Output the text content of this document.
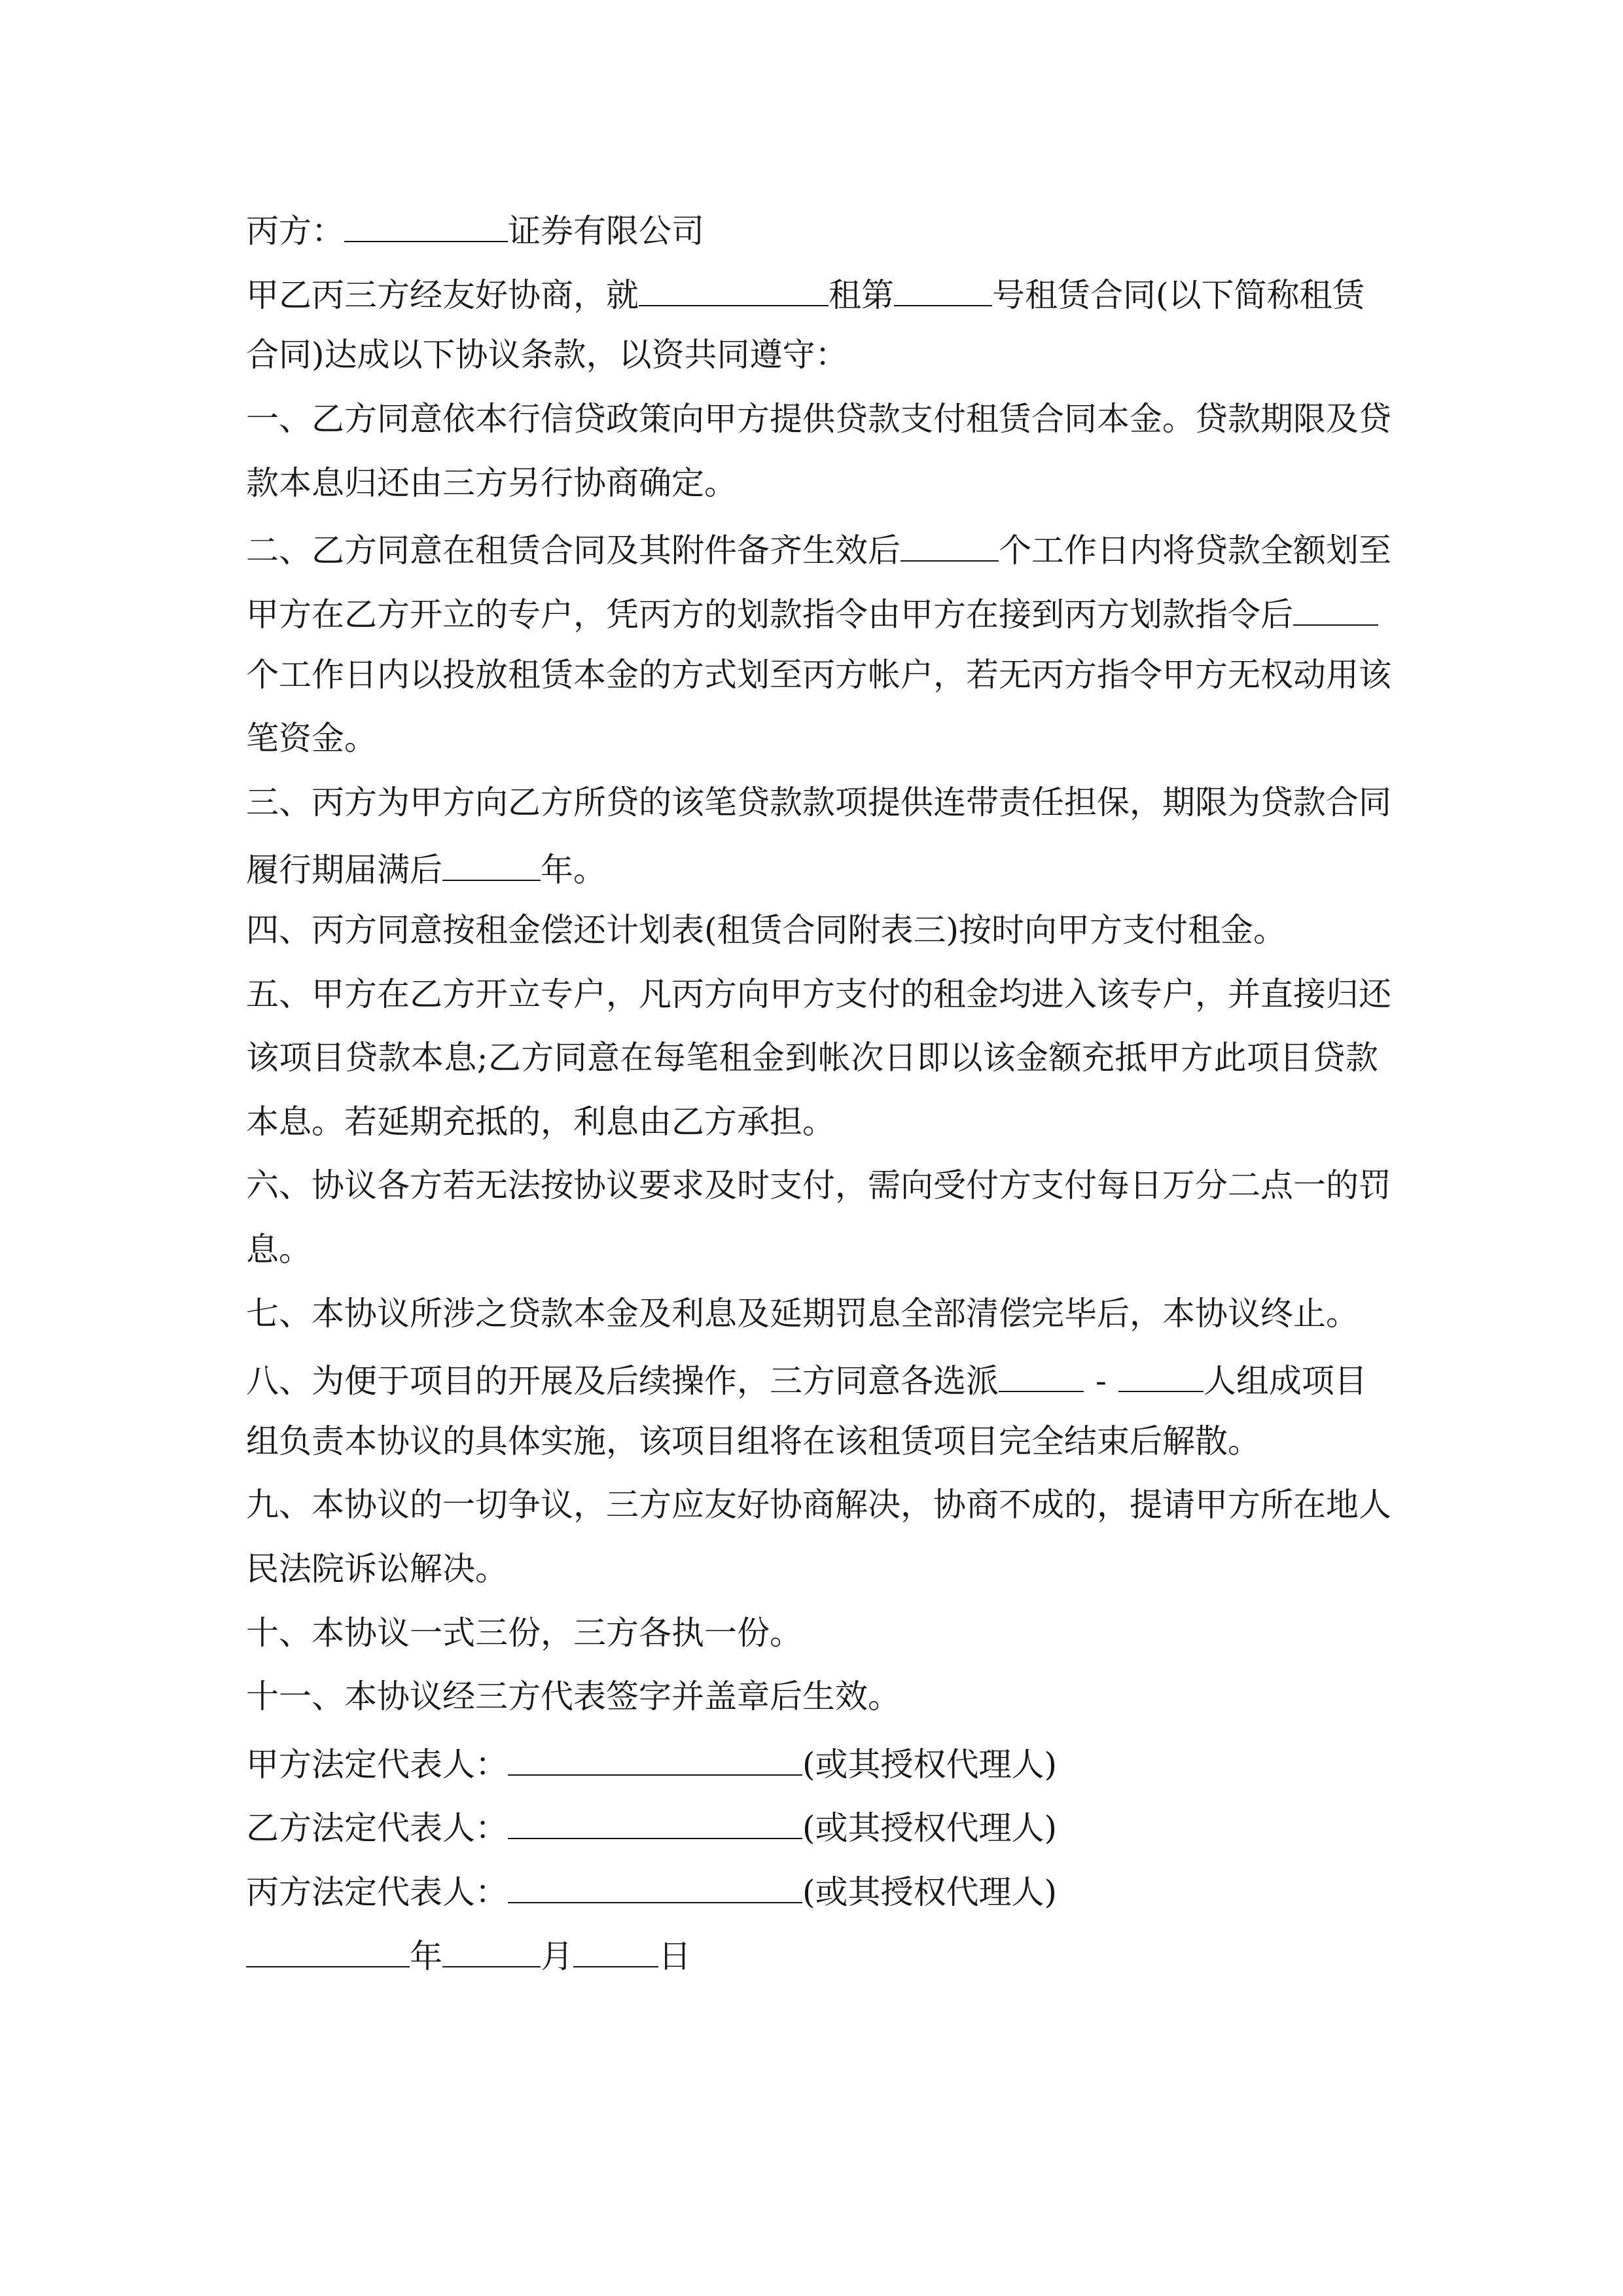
丙方：	证券有限公司
甲乙丙三方经友好协商，就	租第	号租赁合同(以下简称租赁
合同)达成以下协议条款，以资共同遵守：
一、乙方同意依本行信贷政策向甲方提供贷款支付租赁合同本金。贷款期限及贷
款本息归还由三方另行协商确定。
二、乙方同意在租赁合同及其附件备齐生效后	个工作日内将贷款全额划至
甲方在乙方开立的专户，凭丙方的划款指令由甲方在接到丙方划款指令后
个工作日内以投放租赁本金的方式划至丙方帐户，若无丙方指令甲方无权动用该
笔资金。
三、丙方为甲方向乙方所贷的该笔贷款款项提供连带责任担保，期限为贷款合同
履行期届满后	年。
四、丙方同意按租金偿还计划表(租赁合同附表三)按时向甲方支付租金。
五、甲方在乙方开立专户，凡丙方向甲方支付的租金均进入该专户，并直接归还
该项目贷款本息;乙方同意在每笔租金到帐次日即以该金额充抵甲方此项目贷款
本息。若延期充抵的，利息由乙方承担。
六、协议各方若无法按协议要求及时支付，需向受付方支付每日万分二点一的罚
息。
七、本协议所涉之贷款本金及利息及延期罚息全部清偿完毕后，本协议终止。
八、为便于项目的开展及后续操作，三方同意各选派	-	人组成项目
组负责本协议的具体实施，该项目组将在该租赁项目完全结束后解散。
九、本协议的一切争议，三方应友好协商解决，协商不成的，提请甲方所在地人
民法院诉讼解决。
十、本协议一式三份，三方各执一份。
十一、本协议经三方代表签字并盖章后生效。
甲方法定代表人：	(或其授权代理人)
乙方法定代表人：	(或其授权代理人)
丙方法定代表人：	(或其授权代理人)
年	月	日
